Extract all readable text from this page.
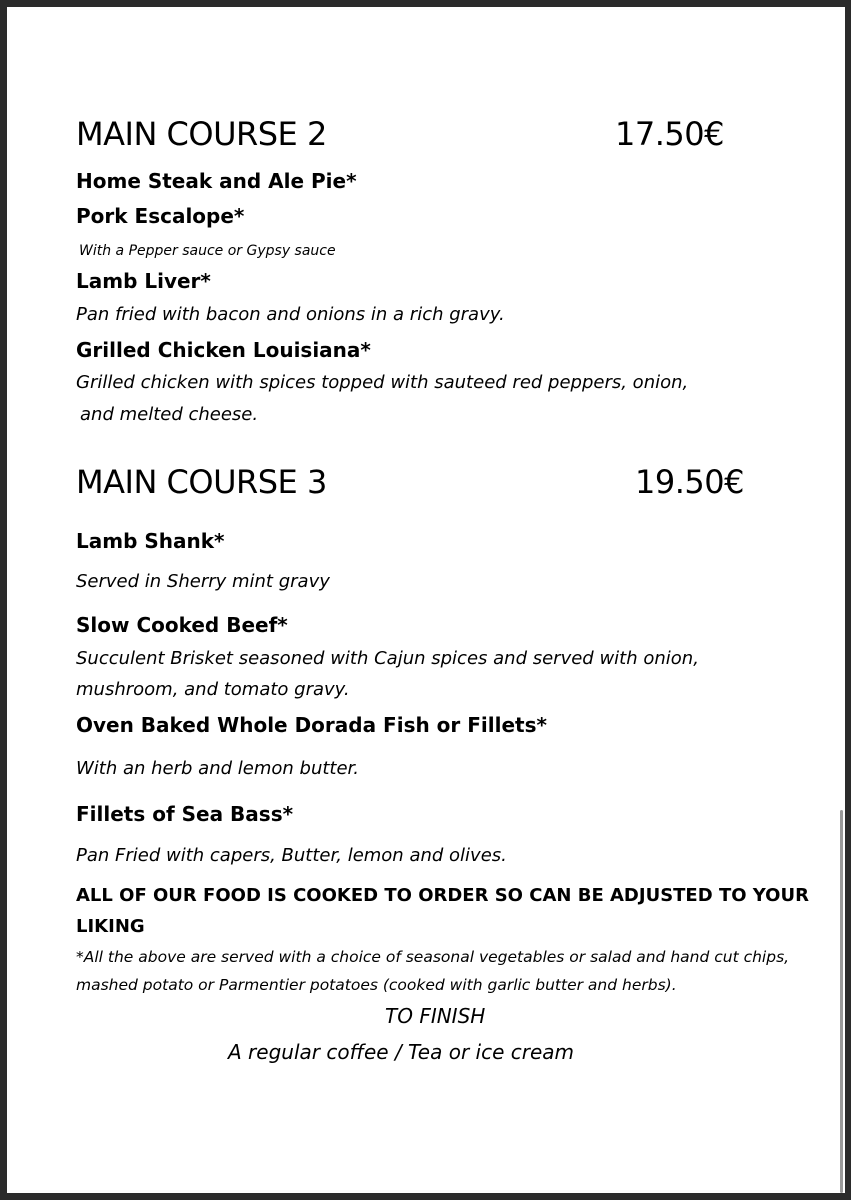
MAIN COURSE 2	17.50€
Home Steak and Ale Pie*
Pork Escalope*
With a Pepper sauce or Gypsy sauce
Lamb Liver*
Pan fried with bacon and onions in a rich gravy.
Grilled Chicken Louisiana*
Grilled chicken with spices topped with sauteed red peppers, onion,
and melted cheese.
MAIN COURSE 3	19.50€
Lamb Shank*
Served in Sherry mint gravy
Slow Cooked Beef*
Succulent Brisket seasoned with Cajun spices and served with onion,
mushroom, and tomato gravy.
Oven Baked Whole Dorada Fish or Fillets*
With an herb and lemon butter.
Fillets of Sea Bass*
Pan Fried with capers, Butter, lemon and olives.
ALL OF OUR FOOD IS COOKED TO ORDER SO CAN BE ADJUSTED TO YOUR
LIKING
*All the above are served with a choice of seasonal vegetables or salad and hand cut chips,
mashed potato or Parmentier potatoes (cooked with garlic butter and herbs).
TO FINISH
A regular coffee / Tea or ice cream
